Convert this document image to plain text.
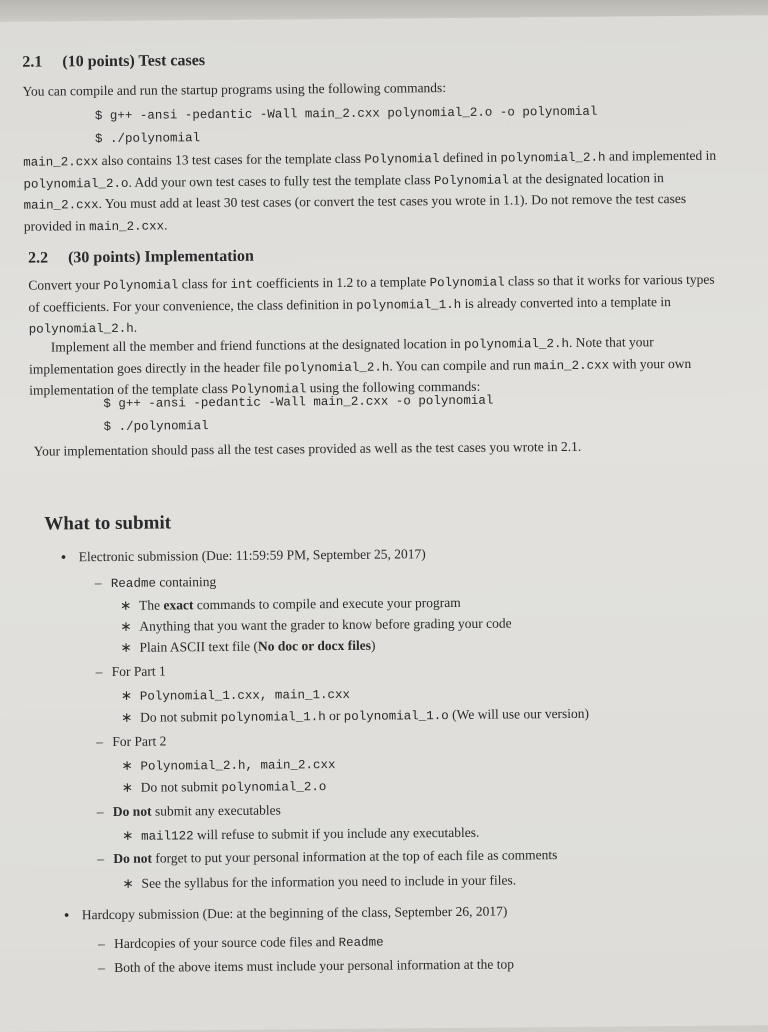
2.1 (10 points) Test cases
You can compile and run the startup programs using the following commands:
$ g++ -ansi -pedantic -Wall main_2.cxx polynomial_2.o -o polynomial
$ ./polynomial
main_2.cxx also contains 13 test cases for the template class Polynomial defined in polynomial_2.h and implemented in polynomial_2.o. Add your own test cases to fully test the template class Polynomial at the designated location in main_2.cxx. You must add at least 30 test cases (or convert the test cases you wrote in 1.1). Do not remove the test cases provided in main_2.cxx.
2.2 (30 points) Implementation
Convert your Polynomial class for int coefficients in 1.2 to a template Polynomial class so that it works for various types of coefficients. For your convenience, the class definition in polynomial_1.h is already converted into a template in polynomial_2.h.
Implement all the member and friend functions at the designated location in polynomial_2.h. Note that your implementation goes directly in the header file polynomial_2.h. You can compile and run main_2.cxx with your own implementation of the template class Polynomial using the following commands:
$ g++ -ansi -pedantic -Wall main_2.cxx -o polynomial
$ ./polynomial
Your implementation should pass all the test cases provided as well as the test cases you wrote in 2.1.
What to submit
• Electronic submission (Due: 11:59:59 PM, September 25, 2017)
– Readme containing
∗ The exact commands to compile and execute your program
∗ Anything that you want the grader to know before grading your code
∗ Plain ASCII text file (No doc or docx files)
– For Part 1
∗ Polynomial_1.cxx, main_1.cxx
∗ Do not submit polynomial_1.h or polynomial_1.o (We will use our version)
– For Part 2
∗ Polynomial_2.h, main_2.cxx
∗ Do not submit polynomial_2.o
– Do not submit any executables
∗ mail122 will refuse to submit if you include any executables.
– Do not forget to put your personal information at the top of each file as comments
∗ See the syllabus for the information you need to include in your files.
• Hardcopy submission (Due: at the beginning of the class, September 26, 2017)
– Hardcopies of your source code files and Readme
– Both of the above items must include your personal information at the top
